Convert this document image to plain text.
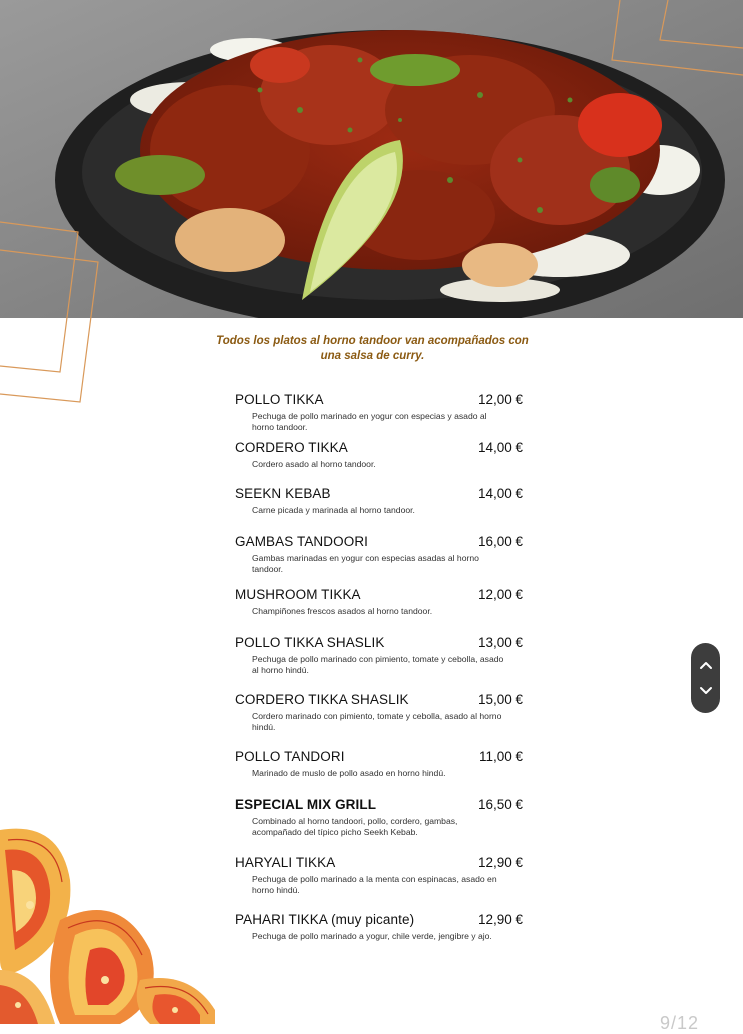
Todos los platos al horno tandoor van acompañados con
una salsa de curry.
POLLO TIKKA	12,00 €
Pechuga de pollo marinado en yogur con especias y asado al horno tandoor.
CORDERO TIKKA	14,00 €
Cordero asado al horno tandoor.
SEEKN KEBAB	14,00 €
Carne picada y marinada al horno tandoor.
GAMBAS TANDOORI	16,00 €
Gambas marinadas en yogur con especias asadas al horno tandoor.
MUSHROOM TIKKA	12,00 €
Champiñones frescos asados al horno tandoor.
POLLO TIKKA SHASLIK	13,00 €
Pechuga de pollo marinado con pimiento, tomate y cebolla, asado al horno hindú.
CORDERO TIKKA SHASLIK	15,00 €
Cordero marinado con pimiento, tomate y cebolla, asado al horno hindú.
POLLO TANDORI	11,00 €
Marinado de muslo de pollo asado en horno hindú.
ESPECIAL MIX GRILL	16,50 €
Combinado al horno tandoori, pollo, cordero, gambas, acompañado del típico picho Seekh Kebab.
HARYALI TIKKA	12,90 €
Pechuga de pollo marinado a la menta con espinacas, asado en horno hindú.
PAHARI TIKKA (muy picante)	12,90 €
Pechuga de pollo marinado a yogur, chile verde, jengibre y ajo.
9/12
